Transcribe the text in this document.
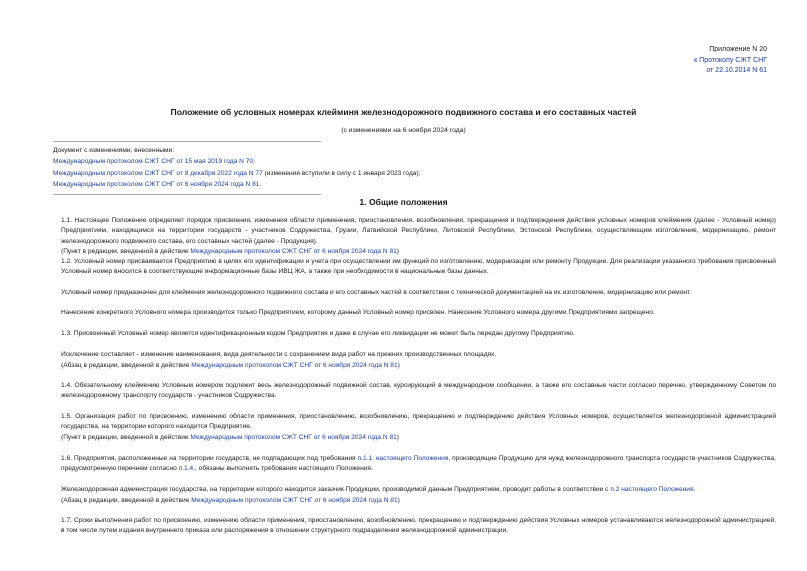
Приложение N 20
к Протоколу СЖТ СНГ
от 22.10.2014 N 61
Положение об условных номерах клейминя железнодорожного подвижного состава и его составных частей
(с изменениями на 6 ноября 2024 года)
Документ с изменениями, внесенными:
Международным протоколом СЖТ СНГ от 15 мая 2019 года N 70;
Международным протоколом СЖТ СНГ от 8 декабря 2022 года N 77 (изменения вступили в силу с 1 января 2023 года);
Международным протоколом СЖТ СНГ от 6 ноября 2024 года N 81.
1. Общие положения
1.1. Настоящее Положение определяет порядок присвоения, изменения области применения, приостановления, возобновления, прекращения и подтверждения действия условных номеров клеймения (далее - Условный номер) Предприятиям, находящимся на территории государств - участников Содружества, Грузии, Латвийской Республики, Литовской Республики, Эстонской Республики, осуществляющим изготовление, модернизацию, ремонт железнодорожного подвижного состава, его составных частей (далее - Продукция).
(Пункт в редакции, введенной в действие Международным протоколом СЖТ СНГ от 6 ноября 2024 года N 81)
1.2. Условный номер присваивается Предприятию в целях его идентификации и учета при осуществлении им функций по изготовлению, модернизации или ремонту Продукции. Для реализации указанного требования присвоенный Условный номер вносится в соответствующие информационные базы ИВЦ ЖА, а также при необходимости в национальные базы данных.
Условный номер предназначен для клеймения железнодорожного подвижного состава и его составных частей в соответствии с технической документацией на их изготовление, модернизацию или ремонт.
Нанесение конкретного Условного номера производится только Предприятием, которому данный Условный номер присвоен. Нанесение Условного номера другими Предприятиями запрещено.
1.3. Присвоенный Условный номер является идентификационным кодом Предприятия и даже в случае его ликвидации не может быть передан другому Предприятию.
Исключение составляет - изменение наименования, вида деятельности с сохранением вида работ на прежних производственных площадях.
(Абзац в редакции, введенной в действие Международным протоколом СЖТ СНГ от 6 ноября 2024 года N 81)
1.4. Обязательному клеймению Условным номером подлежит весь железнодорожный подвижной состав, курсирующий в международном сообщении, а также его составные части согласно перечню, утвержденному Советом по железнодорожному транспорту государств - участников Содружества.
1.5. Организация работ по присвоению, изменению области применения, приостановлению, возобновлению, прекращению и подтверждению действия Условных номеров, осуществляется железнодорожной администрацией государства, на территории которого находится Предприятие.
(Пункт в редакции, введенной в действие Международным протоколом СЖТ СНГ от 6 ноября 2024 года N 81)
1.6. Предприятия, расположенные на территории государств, не подпадающих под требования п.1.1. настоящего Положения, производящие Продукцию для нужд железнодорожного транспорта государств-участников Содружества, предусмотренную перечнем согласно п.1.4., обязаны выполнять требования настоящего Положения.
Железнодорожная администрация государства, на территории которого находится заказчик Продукции, производимой данным Предприятием, проводит работы в соответствии с п.2 настоящего Положения.
(Абзац в редакции, введенной в действие Международным протоколом СЖТ СНГ от 6 ноября 2024 года N 81)
1.7. Сроки выполнения работ по присвоению, изменению области применения, приостановлению, возобновлению, прекращению и подтверждению действия Условных номеров устанавливаются железнодорожной администрацией, в том числе путем издания внутреннего приказа или распоряжения в отношении структурного подразделения железнодорожной администрации.
